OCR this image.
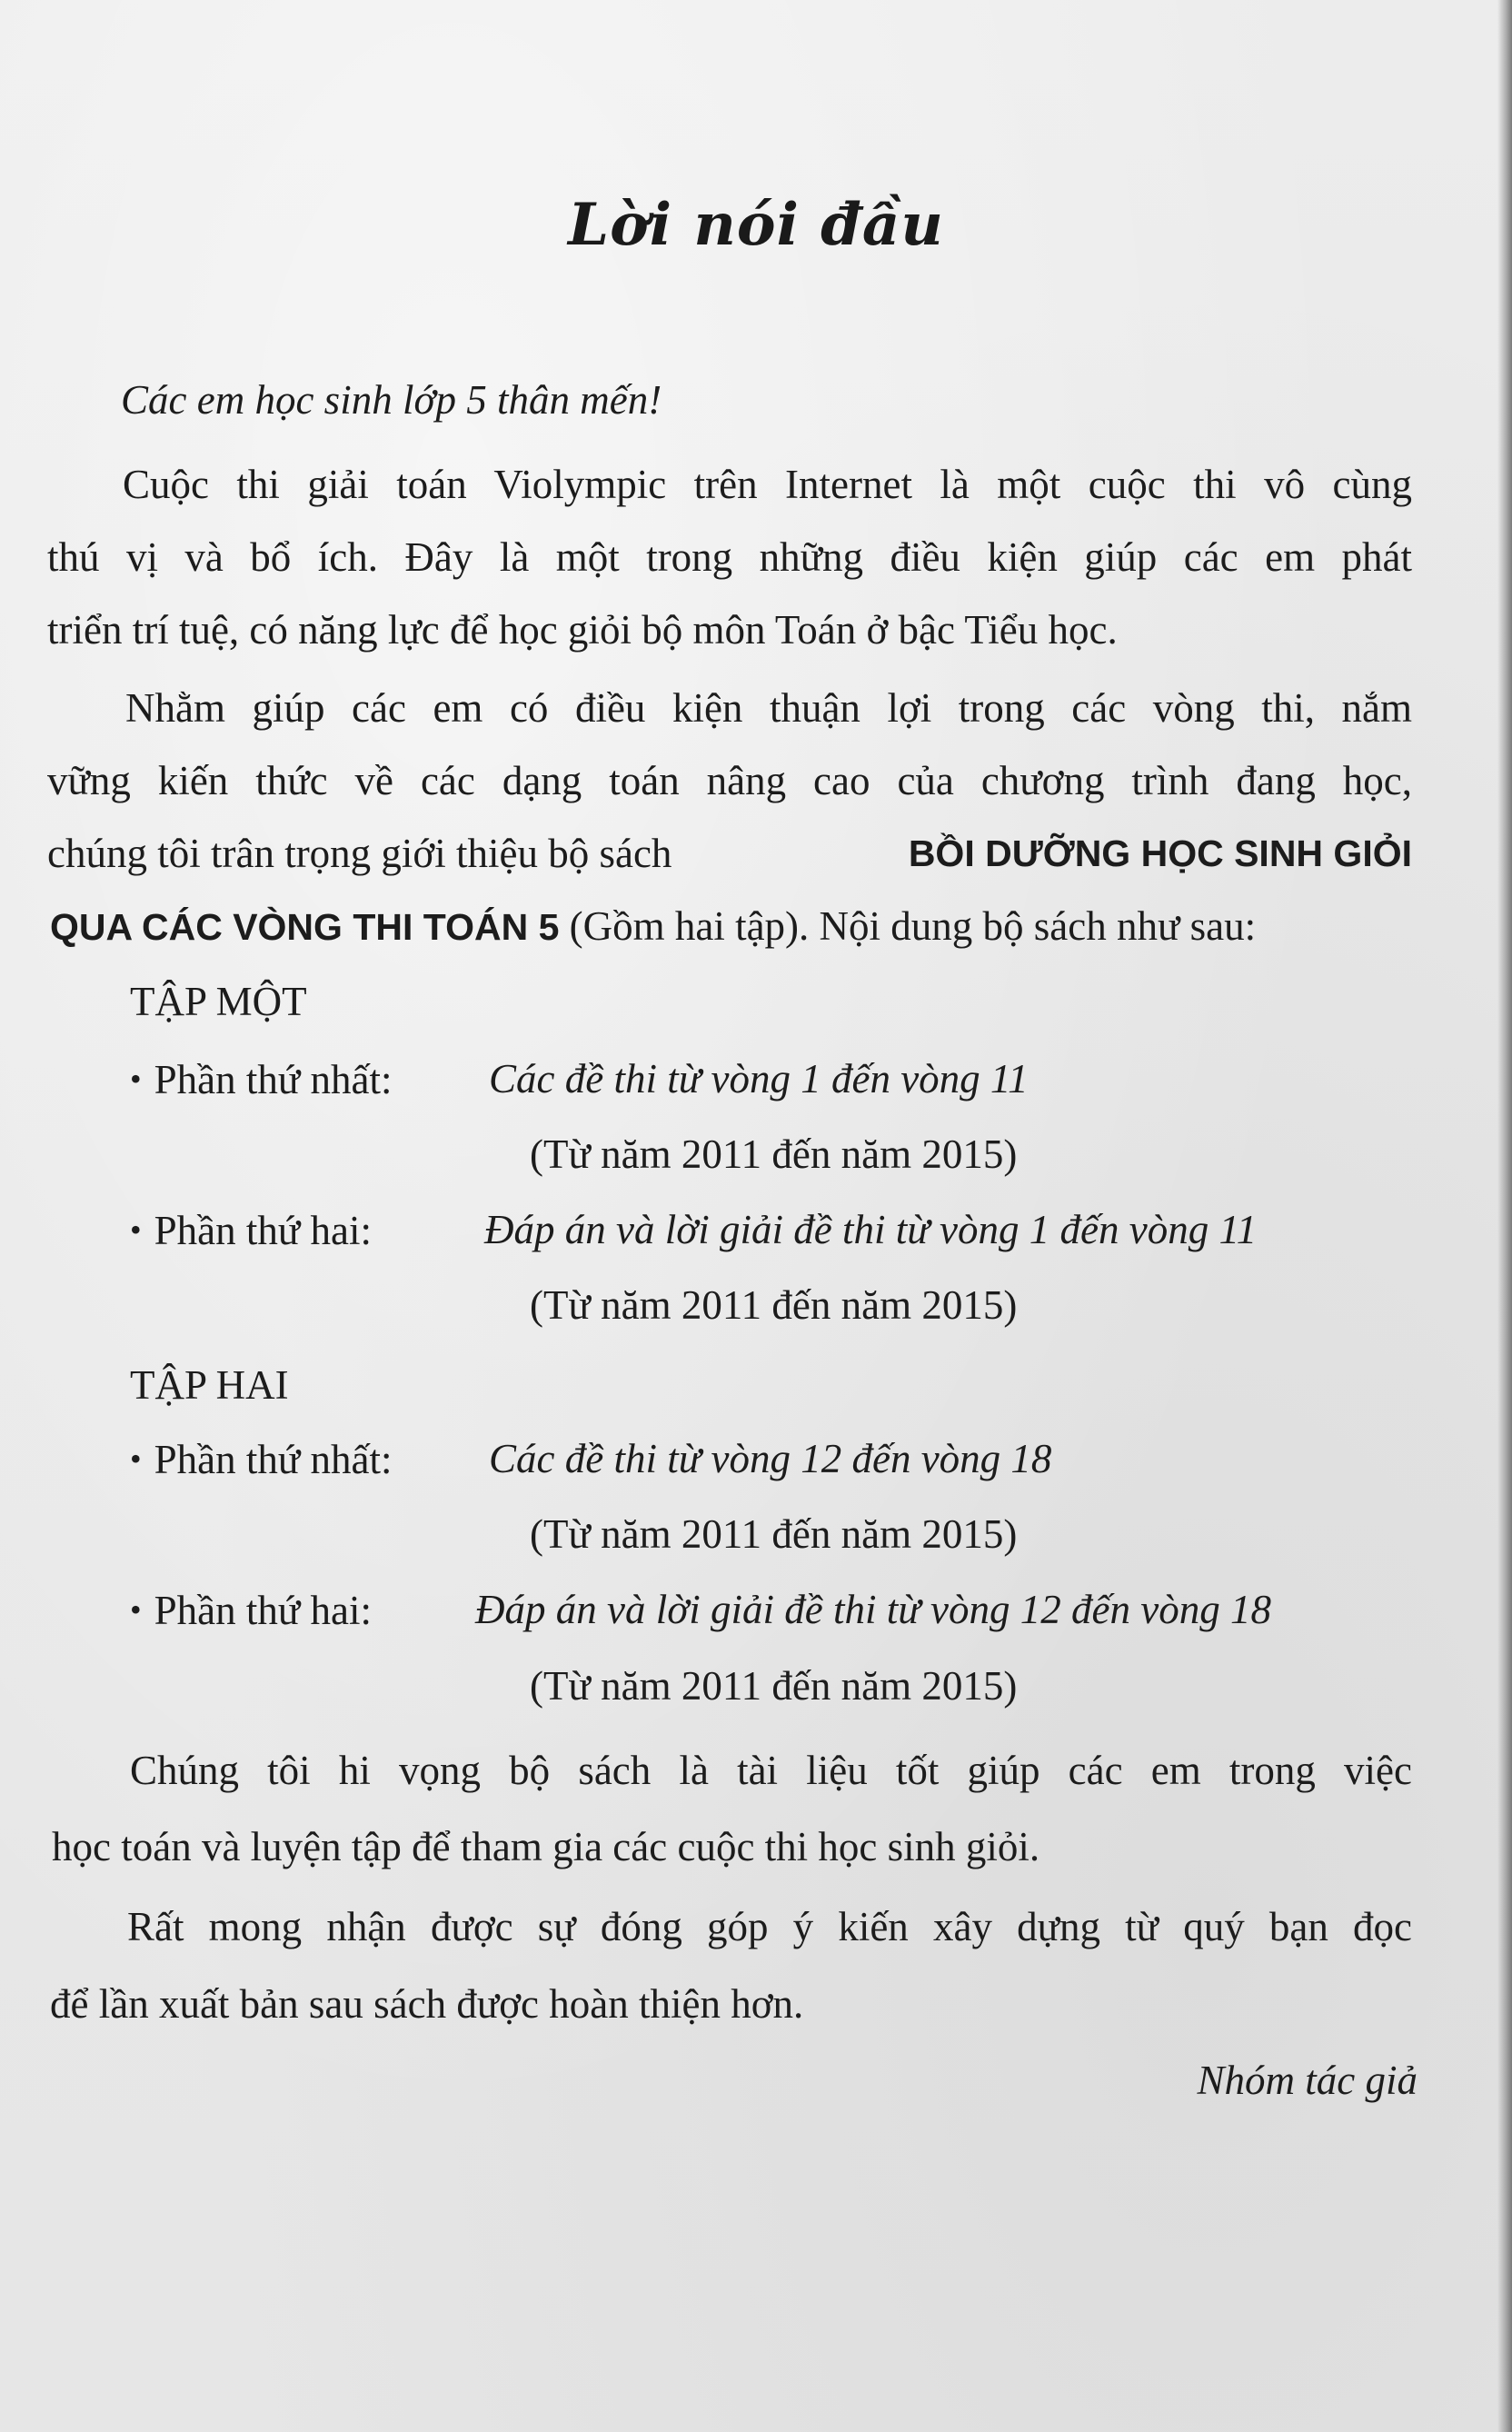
Lời nói đầu

Các em học sinh lớp 5 thân mến!

Cuộc thi giải toán Violympic trên Internet là một cuộc thi vô cùng

thú vị và bổ ích. Đây là một trong những điều kiện giúp các em phát

triển trí tuệ, có năng lực để học giỏi bộ môn Toán ở bậc Tiểu học.

Nhằm giúp các em có điều kiện thuận lợi trong các vòng thi, nắm

vững kiến thức về các dạng toán nâng cao của chương trình đang học,

chúng tôi trân trọng giới thiệu bộ sách	BỒI DƯỠNG HỌC SINH GIỎI

QUA CÁC VÒNG THI TOÁN 5 (Gồm hai tập). Nội dung bộ sách như sau:

TẬP MỘT

• Phần thứ nhất: Các đề thi từ vòng 1 đến vòng 11
(Từ năm 2011 đến năm 2015)
• Phần thứ hai:	Đáp án và lời giải đề thi từ vòng 1 đến vòng 11
(Từ năm 2011 đến năm 2015)

TẬP HAI

• Phần thứ nhất: Các đề thi từ vòng 12 đến vòng 18
(Từ năm 2011 đến năm 2015)
• Phần thứ hai:	Đáp án và lời giải đề thi từ vòng 12 đến vòng 18
(Từ năm 2011 đến năm 2015)

Chúng tôi hi vọng bộ sách là tài liệu tốt giúp các em trong việc

học toán và luyện tập để tham gia các cuộc thi học sinh giỏi.

Rất mong nhận được sự đóng góp ý kiến xây dựng từ quý bạn đọc

để lần xuất bản sau sách được hoàn thiện hơn.

Nhóm tác giả
